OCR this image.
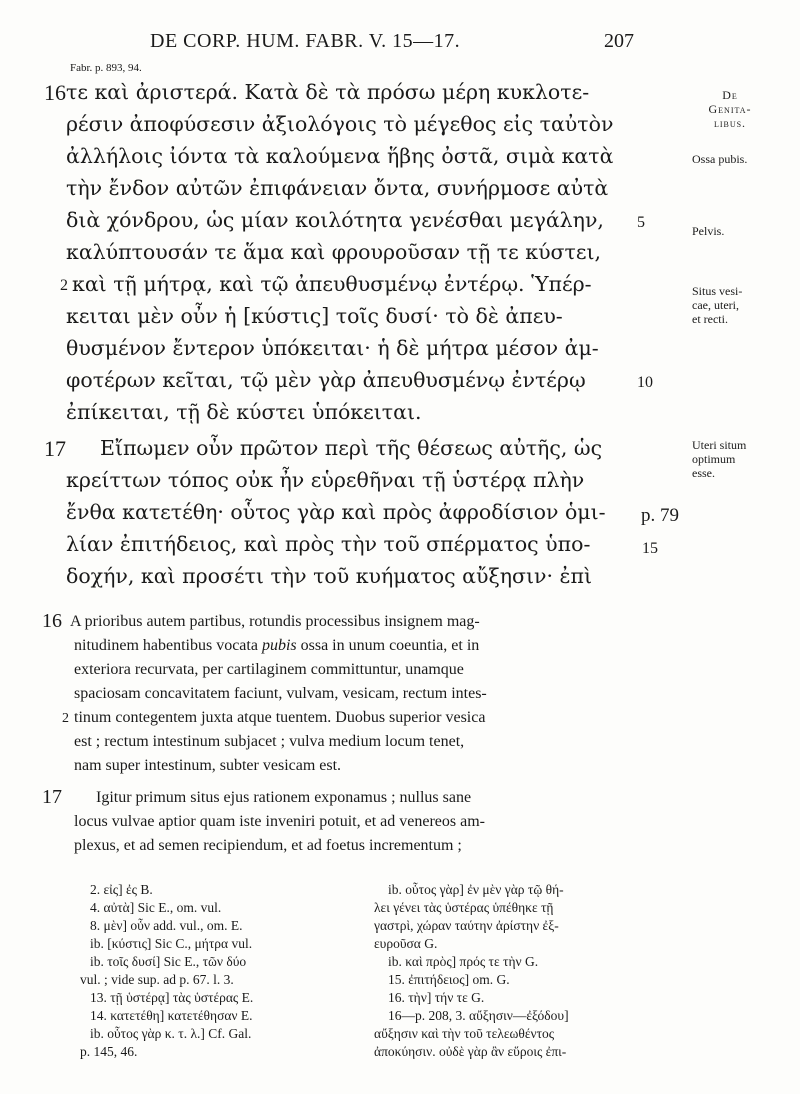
DE CORP. HUM. FABR. V. 15—17.	207
Fabr. p. 893, 94.
16 τε καὶ ἀριστερά. Κατὰ δὲ τὰ πρόσω μέρη κυκλοτε-
ρέσιν ἀποφύσεσιν ἀξιολόγοις τὸ μέγεθος εἰς ταὐτὸν
ἀλλήλοις ἰόντα τὰ καλούμενα ἥβης ὀστᾶ, σιμὰ κατὰ
τὴν ἔνδον αὐτῶν ἐπιφάνειαν ὄντα, συνήρμοσε αὐτὰ
διὰ χόνδρου, ὡς μίαν κοιλότητα γενέσθαι μεγάλην, 5
καλύπτουσάν τε ἅμα καὶ φρουροῦσαν τῇ τε κύστει,
2 καὶ τῇ μήτρᾳ, καὶ τῷ ἀπευθυσμένῳ ἐντέρῳ. Ὑπέρ-
κειται μὲν οὖν ἡ [κύστις] τοῖς δυσί· τὸ δὲ ἀπευ-
θυσμένον ἔντερον ὑπόκειται· ἡ δὲ μήτρα μέσον ἀμ-
φοτέρων κεῖται, τῷ μὲν γὰρ ἀπευθυσμένῳ ἐντέρῳ	10
ἐπίκειται, τῇ δὲ κύστει ὑπόκειται.
17 Εἴπωμεν οὖν πρῶτον περὶ τῆς θέσεως αὐτῆς, ὡς
κρείττων τόπος οὐκ ἦν εὑρεθῆναι τῇ ὑστέρᾳ πλὴν
ἔνθα κατετέθη· οὗτος γὰρ καὶ πρὸς ἀφροδίσιον ὁμι- p. 79
λίαν ἐπιτήδειος, καὶ πρὸς τὴν τοῦ σπέρματος ὑπο-	15
δοχήν, καὶ προσέτι τὴν τοῦ κυήματος αὔξησιν· ἐπὶ
De
Genita-
libus.
Ossa pubis.
Pelvis.
Situs vesi-
cae, uteri,
et recti.
Uteri situm
optimum
esse.
16 A prioribus autem partibus, rotundis processibus insignem mag-
nitudinem habentibus vocata pubis ossa in unum coeuntia, et in
exteriora recurvata, per cartilaginem committuntur, unamque
spaciosam concavitatem faciunt, vulvam, vesicam, rectum intes-
2 tinum contegentem juxta atque tuentem. Duobus superior vesica
est ; rectum intestinum subjacet ; vulva medium locum tenet,
nam super intestinum, subter vesicam est.
17 Igitur primum situs ejus rationem exponamus ; nullus sane
locus vulvae aptior quam iste inveniri potuit, et ad venereos am-
plexus, et ad semen recipiendum, et ad foetus incrementum ;
2. εἰς] ἐς B.
4. αὐτὰ] Sic E., om. vul.
8. μὲν] οὖν add. vul., om. E.
ib. [κύστις] Sic C., μήτρα vul.
ib. τοῖς δυσί] Sic E., τῶν δύο
vul. ; vide sup. ad p. 67. l. 3.
13. τῇ ὑστέρᾳ] τὰς ὑστέρας E.
14. κατετέθη] κατετέθησαν E.
ib. οὗτος γὰρ κ. τ. λ.] Cf. Gal.
p. 145, 46.
ib. οὗτος γὰρ] ἐν μὲν γὰρ τῷ θή-
λει γένει τὰς ὑστέρας ὑπέθηκε τῇ
γαστρὶ, χώραν ταύτην ἀρίστην ἐξ-
ευροῦσα G.
ib. καὶ πρὸς] πρός τε τὴν G.
15. ἐπιτήδειος] om. G.
16. τὴν] τήν τε G.
16—p. 208, 3. αὔξησιν—ἐξόδου]
αὔξησιν καὶ τὴν τοῦ τελεωθέντος
ἀποκύησιν. οὐδὲ γὰρ ἂν εὕροις ἐπι-
